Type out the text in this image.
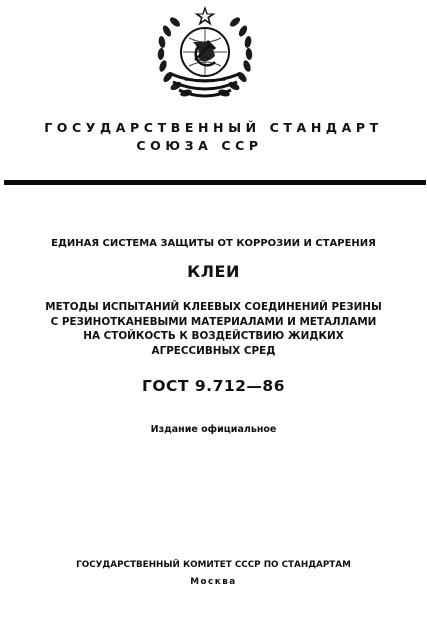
ГОСУДАРСТВЕННЫЙ СТАНДАРТ
СОЮЗА ССР
ЕДИНАЯ СИСТЕМА ЗАЩИТЫ ОТ КОРРОЗИИ И СТАРЕНИЯ
КЛЕИ
МЕТОДЫ ИСПЫТАНИЙ КЛЕЕВЫХ СОЕДИНЕНИЙ РЕЗИНЫ
С РЕЗИНОТКАНЕВЫМИ МАТЕРИАЛАМИ И МЕТАЛЛАМИ
НА СТОЙКОСТЬ К ВОЗДЕЙСТВИЮ ЖИДКИХ
АГРЕССИВНЫХ СРЕД
ГОСТ 9.712—86
Издание официальное
ГОСУДАРСТВЕННЫЙ КОМИТЕТ СССР ПО СТАНДАРТАМ
Москва
